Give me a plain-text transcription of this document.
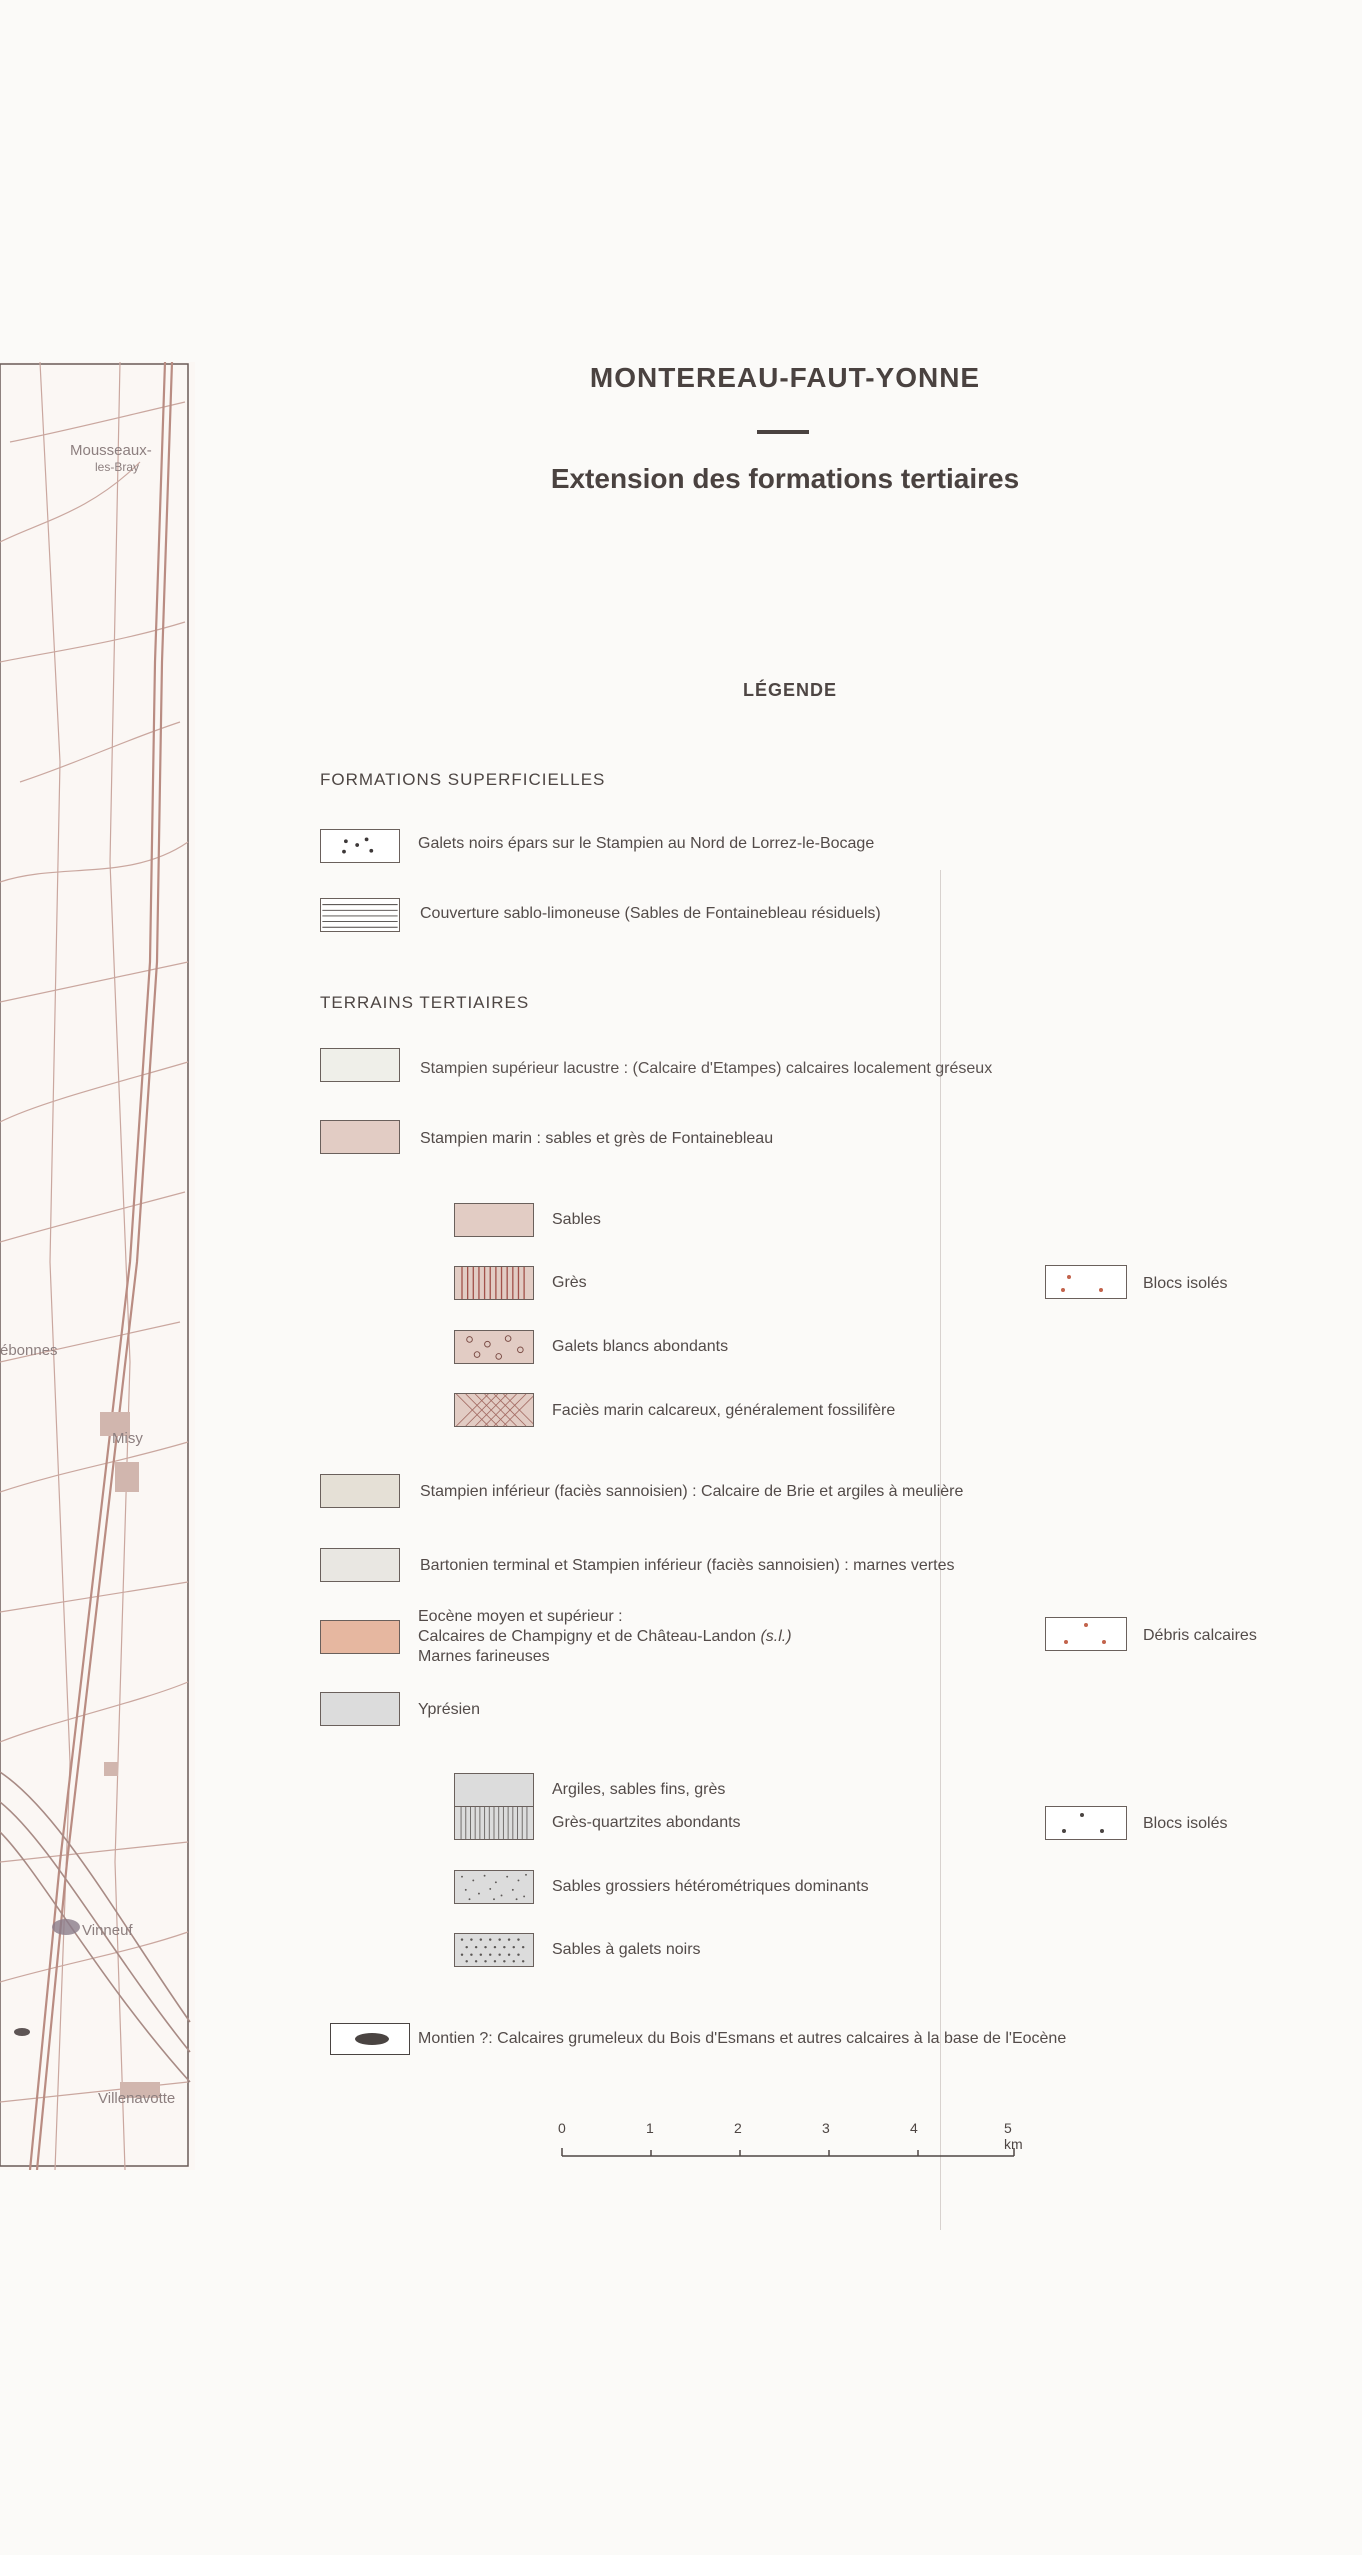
Mousseaux-
les-Bray
ébonnes
Misy
Vinneuf
Villenavotte
MONTEREAU-FAUT-YONNE
Extension des formations tertiaires
LÉGENDE
FORMATIONS SUPERFICIELLES
Galets noirs épars sur le Stampien au Nord de Lorrez-le-Bocage
Couverture sablo-limoneuse (Sables de Fontainebleau résiduels)
TERRAINS TERTIAIRES
Stampien supérieur lacustre : (Calcaire d'Etampes) calcaires localement gréseux
Stampien marin : sables et grès de Fontainebleau
Sables
Grès
Galets blancs abondants
Faciès marin calcareux, généralement fossilifère
Stampien inférieur (faciès sannoisien) : Calcaire de Brie et argiles à meulière
Bartonien terminal et Stampien inférieur (faciès sannoisien) : marnes vertes
Eocène moyen et supérieur :
Calcaires de Champigny et de Château-Landon (s.l.)
Marnes farineuses
Yprésien
Argiles, sables fins, grès
Grès-quartzites abondants
Sables grossiers hétérométriques dominants
Sables à galets noirs
Montien ?: Calcaires grumeleux du Bois d'Esmans et autres calcaires à la base de l'Eocène
Blocs isolés
Débris calcaires
Blocs isolés
0	1	2	3	4	5 km
